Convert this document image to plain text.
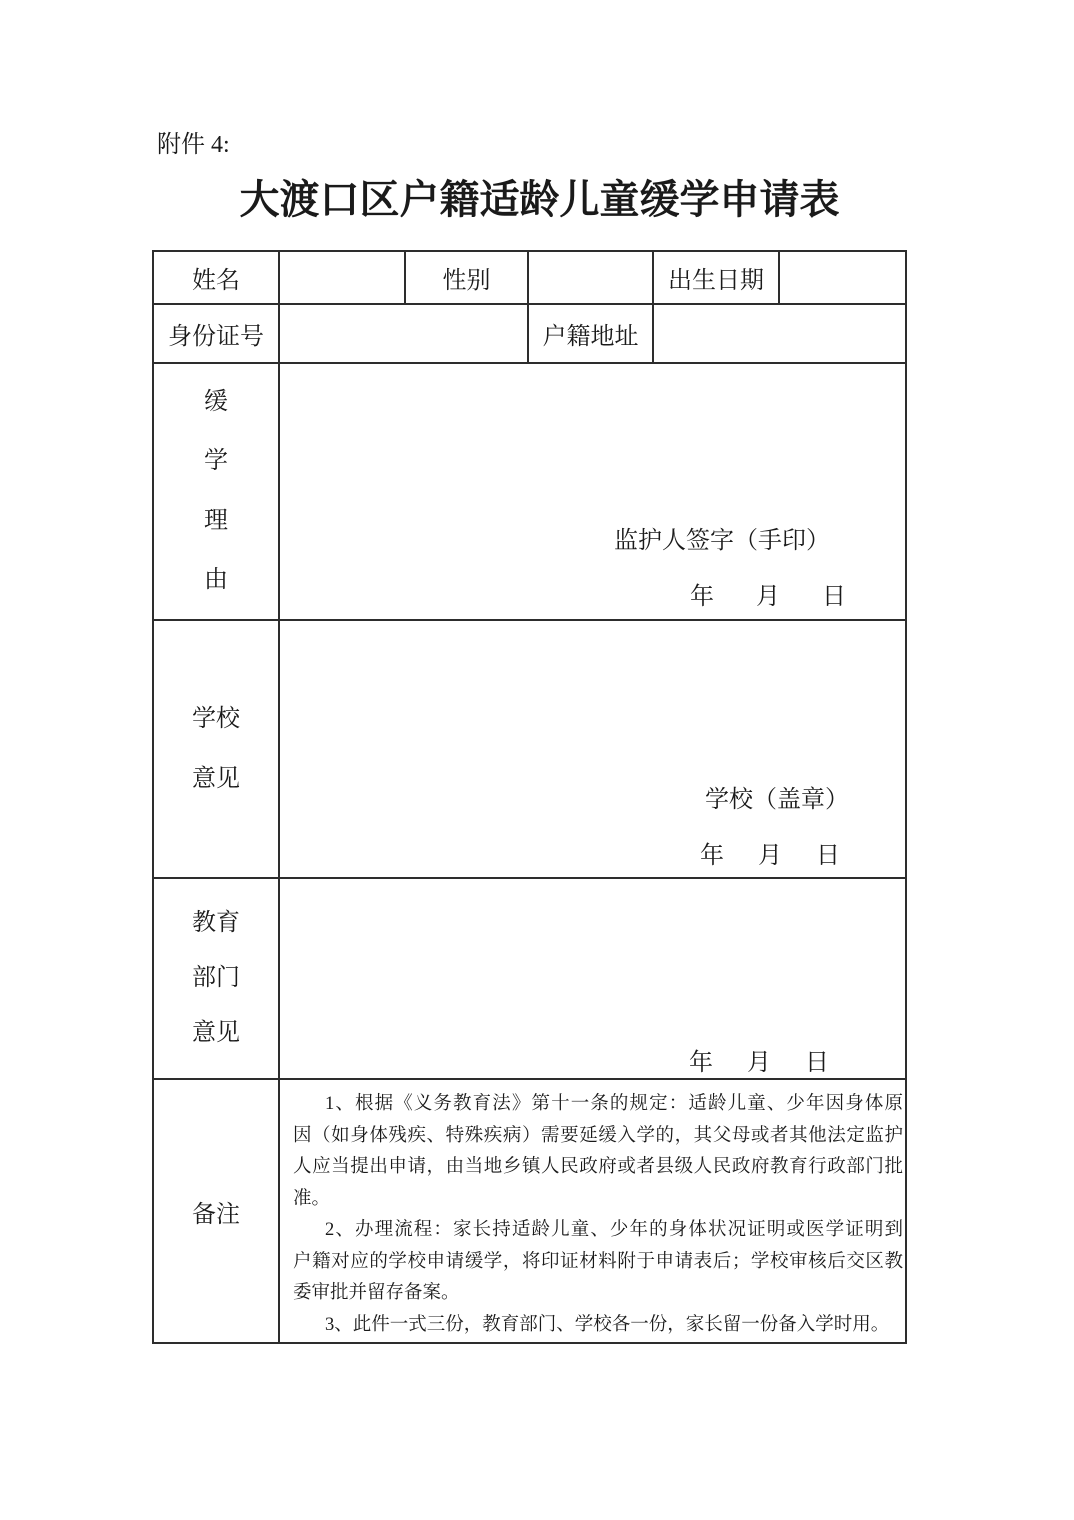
附件 4:
大渡口区户籍适龄儿童缓学申请表
姓名		性别		出生日期	
身份证号			户籍地址		

缓
学
理
由

监护人签字（手印）
年　月　日

学校
意见

学校（盖章）
年　月　日

教育
部门
意见	年　月　日				

备注	
1、根据《义务教育法》第十一条的规定：适龄儿童、少年因身体原
因（如身体残疾、特殊疾病）需要延缓入学的，其父母或者其他法定监护
人应当提出申请，由当地乡镇人民政府或者县级人民政府教育行政部门批
准。
2、办理流程：家长持适龄儿童、少年的身体状况证明或医学证明到
户籍对应的学校申请缓学，将印证材料附于申请表后；学校审核后交区教
委审批并留存备案。
3、此件一式三份，教育部门、学校各一份，家长留一份备入学时用。
